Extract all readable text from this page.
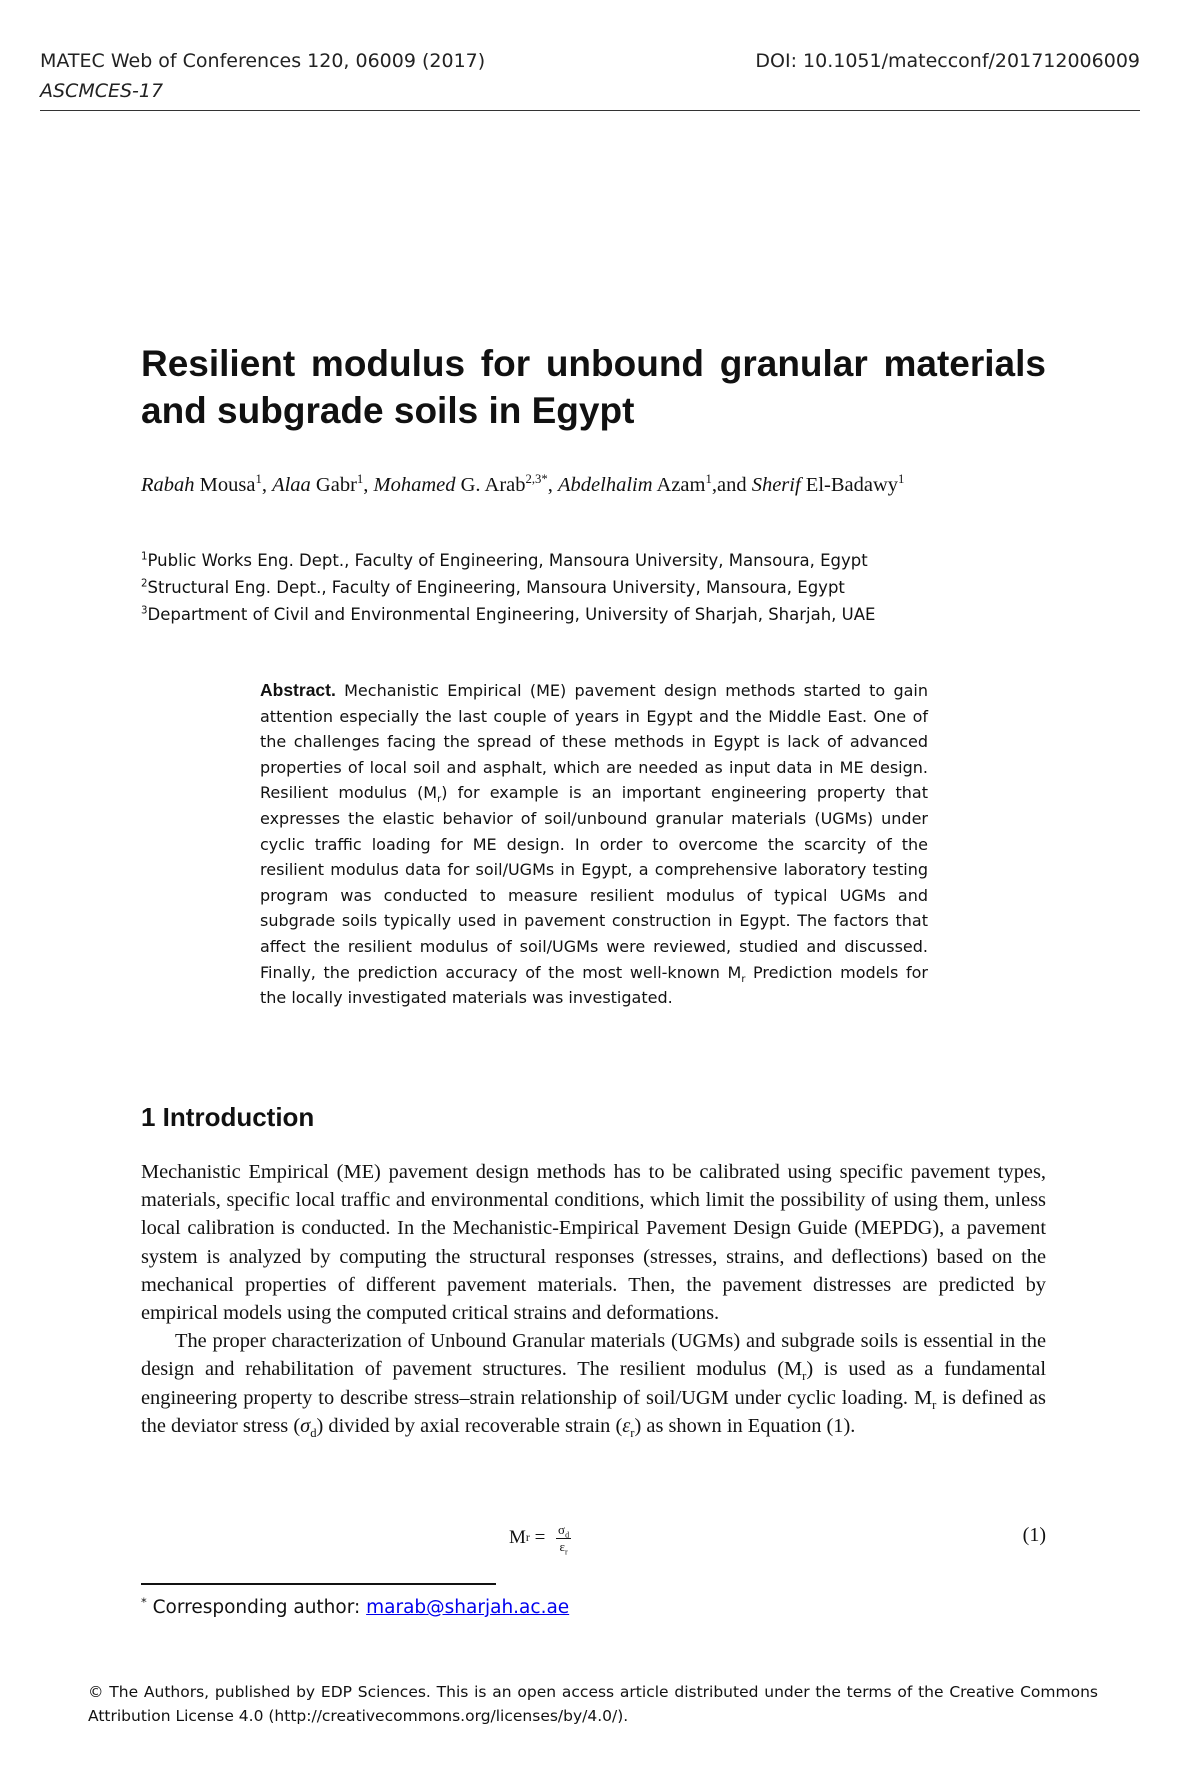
MATEC Web of Conferences 120, 06009 (2017)
ASCMCES-17
DOI: 10.1051/matecconf/201712006009
Resilient modulus for unbound granular materials and subgrade soils in Egypt
Rabah Mousa$^1$, Alaa Gabr$^1$, Mohamed G. Arab$^{2,3*}$, Abdelhalim Azam$^1$,and Sherif El-Badawy$^1$
$^1$Public Works Eng. Dept., Faculty of Engineering, Mansoura University, Mansoura, Egypt
$^2$Structural Eng. Dept., Faculty of Engineering, Mansoura University, Mansoura, Egypt
$^3$Department of Civil and Environmental Engineering, University of Sharjah, Sharjah, UAE
Abstract. Mechanistic Empirical (ME) pavement design methods started to gain attention especially the last couple of years in Egypt and the Middle East. One of the challenges facing the spread of these methods in Egypt is lack of advanced properties of local soil and asphalt, which are needed as input data in ME design. Resilient modulus $(M_r)$ for example is an important engineering property that expresses the elastic behavior of soil/unbound granular materials (UGMs) under cyclic traffic loading for ME design. In order to overcome the scarcity of the resilient modulus data for soil/UGMs in Egypt, a comprehensive laboratory testing program was conducted to measure resilient modulus of typical UGMs and subgrade soils typically used in pavement construction in Egypt. The factors that affect the resilient modulus of soil/UGMs were reviewed, studied and discussed. Finally, the prediction accuracy of the most well-known $M_r$ Prediction models for the locally investigated materials was investigated.
1 Introduction

Mechanistic Empirical (ME) pavement design methods has to be calibrated using specific pavement types, materials, specific local traffic and environmental conditions, which limit the possibility of using them, unless local calibration is conducted. In the Mechanistic-Empirical Pavement Design Guide (MEPDG), a pavement system is analyzed by computing the structural responses (stresses, strains, and deflections) based on the mechanical properties of different pavement materials. Then, the pavement distresses are predicted by empirical models using the computed critical strains and deformations.

The proper characterization of Unbound Granular materials (UGMs) and subgrade soils is essential in the design and rehabilitation of pavement structures. The resilient modulus $(M_r)$ is used as a fundamental engineering property to describe stress–strain relationship of soil/UGM under cyclic loading. $M_r$ is defined as the deviator stress $(\sigma_d)$ divided by axial recoverable strain $(\varepsilon_r)$ as shown in Equation (1).

M $r = \frac{\sigma_d}{\varepsilon_r}$	(1)
* Corresponding author: marab@sharjah.ac.ae
© The Authors, published by EDP Sciences. This is an open access article distributed under the terms of the Creative Commons Attribution License 4.0 (http://creativecommons.org/licenses/by/4.0/).
